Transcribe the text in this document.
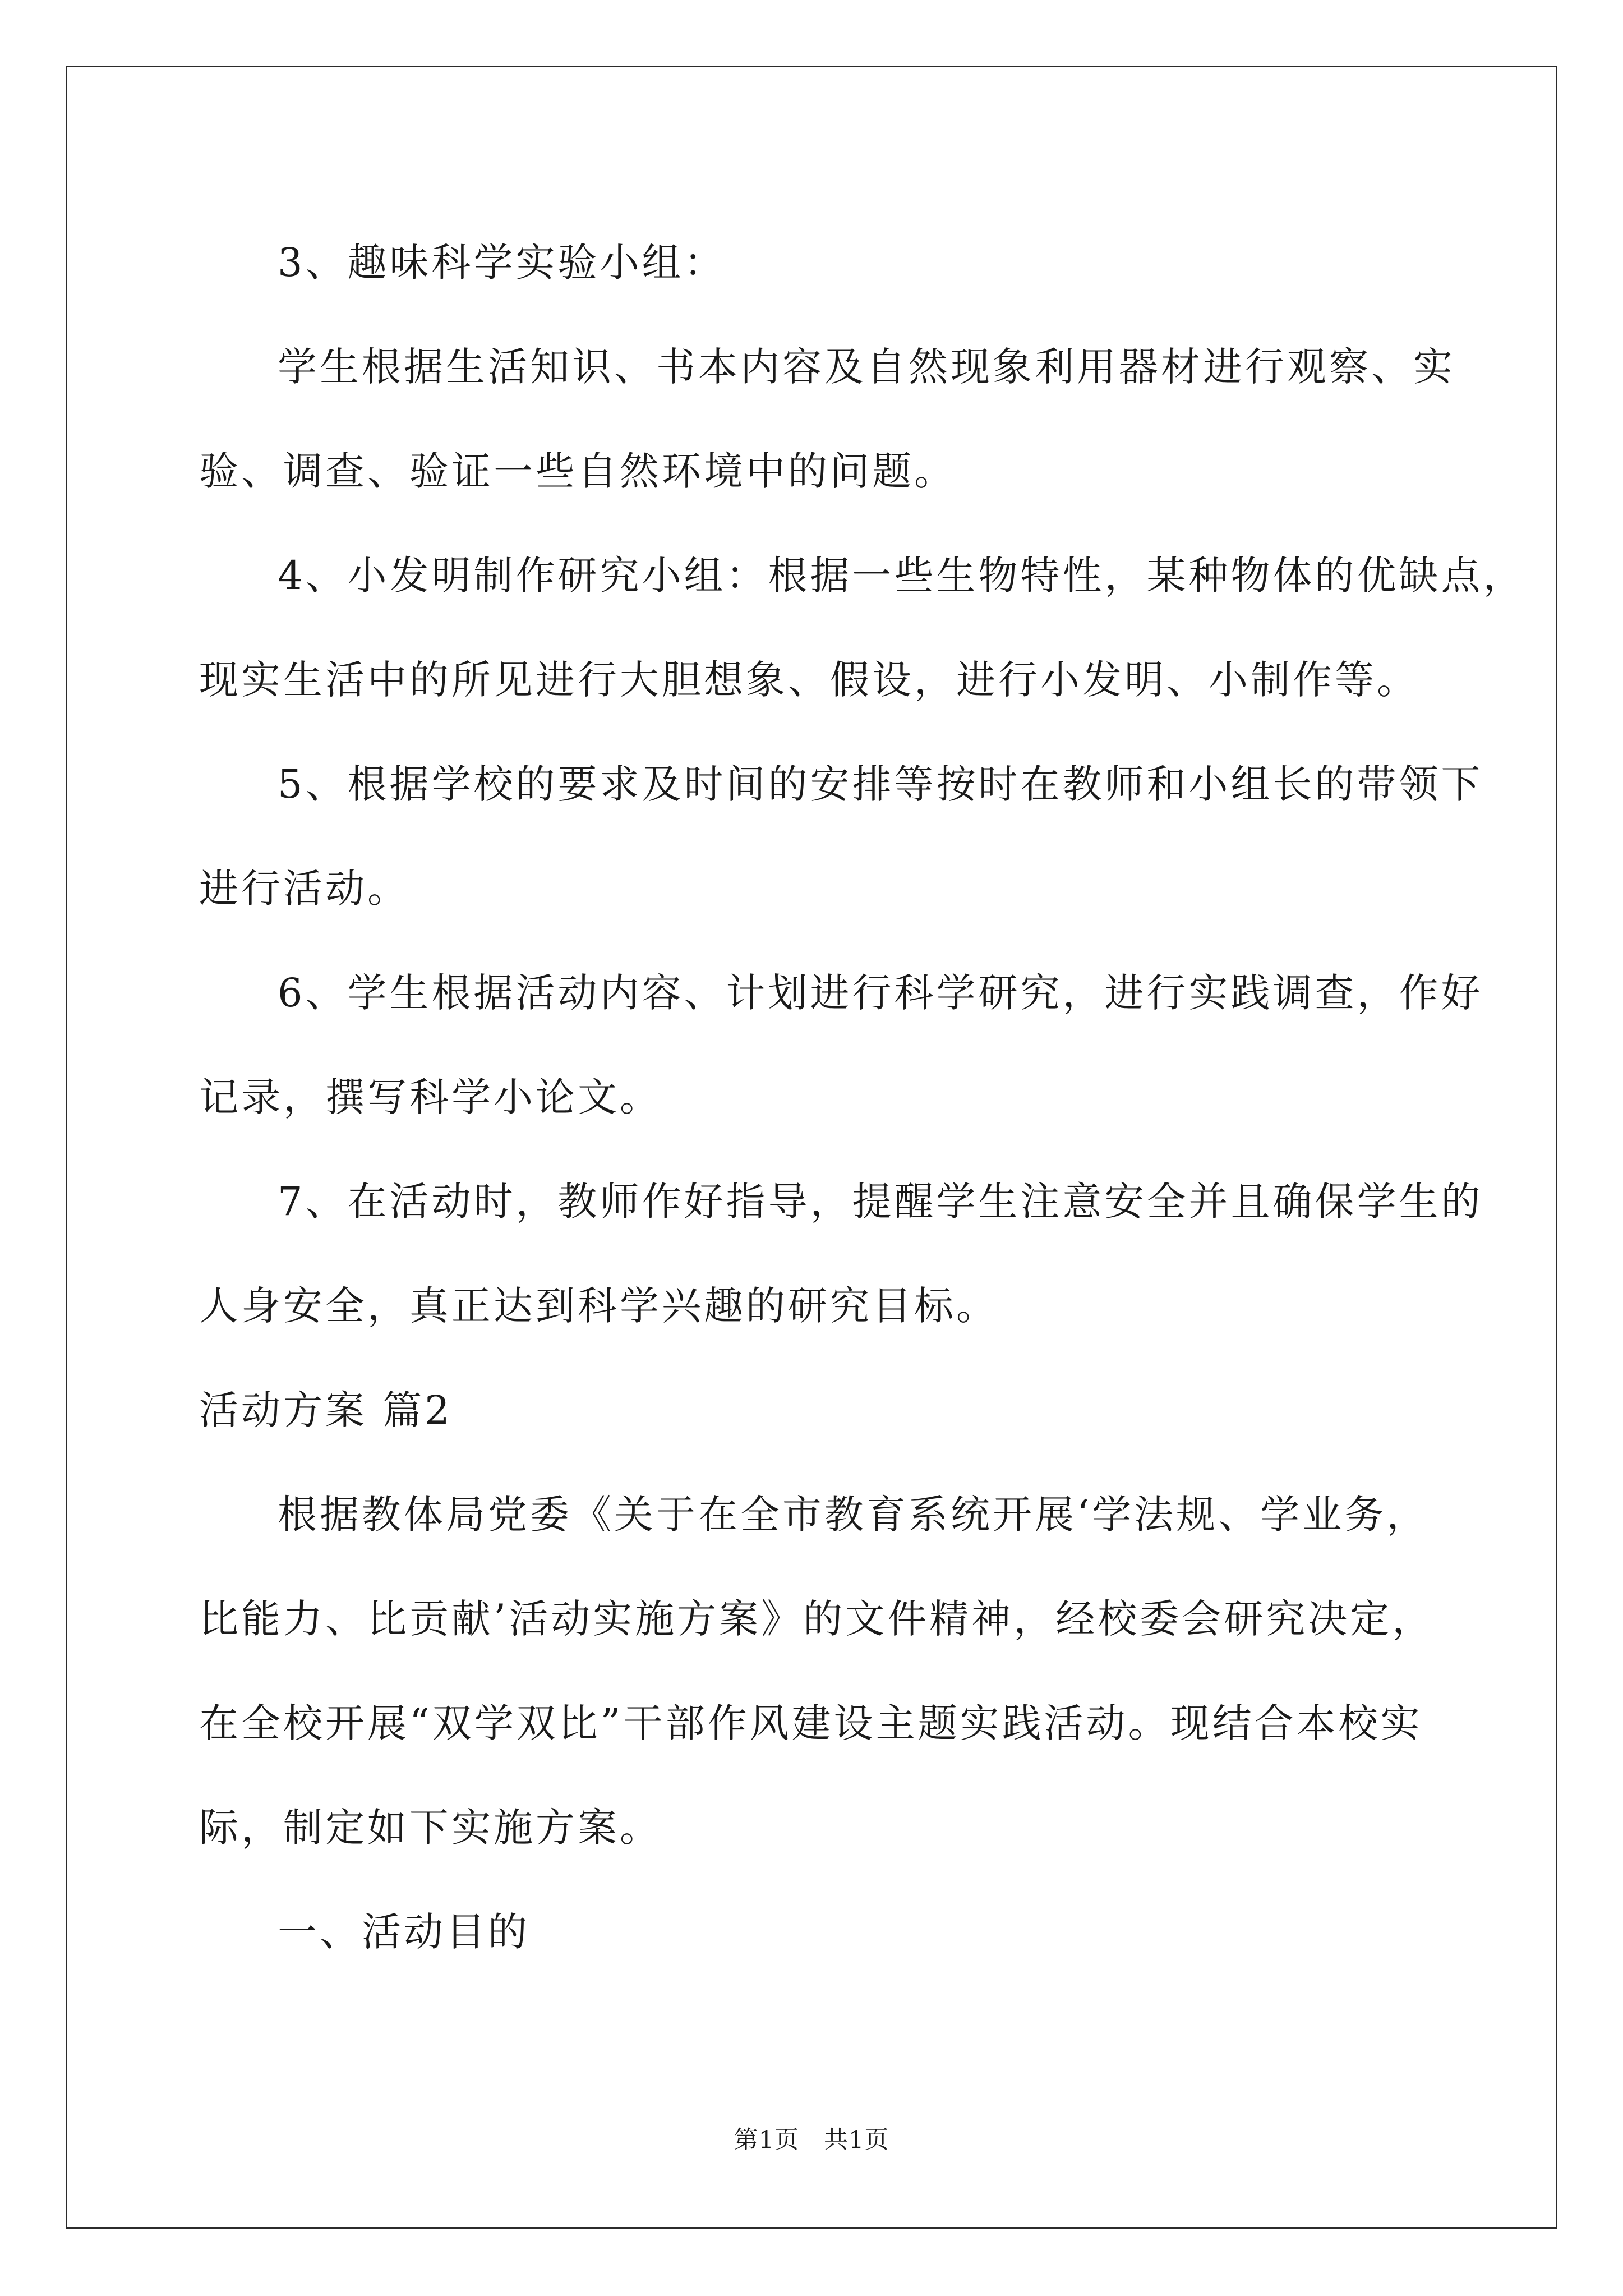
3、趣味科学实验小组：

学生根据生活知识、书本内容及自然现象利用器材进行观察、实
验、调查、验证一些自然环境中的问题。

4、小发明制作研究小组：根据一些生物特性，某种物体的优缺点，
现实生活中的所见进行大胆想象、假设，进行小发明、小制作等。

5、根据学校的要求及时间的安排等按时在教师和小组长的带领下
进行活动。

6、学生根据活动内容、计划进行科学研究，进行实践调查，作好
记录，撰写科学小论文。

7、在活动时，教师作好指导，提醒学生注意安全并且确保学生的
人身安全，真正达到科学兴趣的研究目标。

活动方案 篇2

根据教体局党委《关于在全市教育系统开展‘学法规、学业务，
比能力、比贡献’活动实施方案》的文件精神，经校委会研究决定，
在全校开展“双学双比”干部作风建设主题实践活动。现结合本校实
际，制定如下实施方案。

一、活动目的

第1页 共1页
